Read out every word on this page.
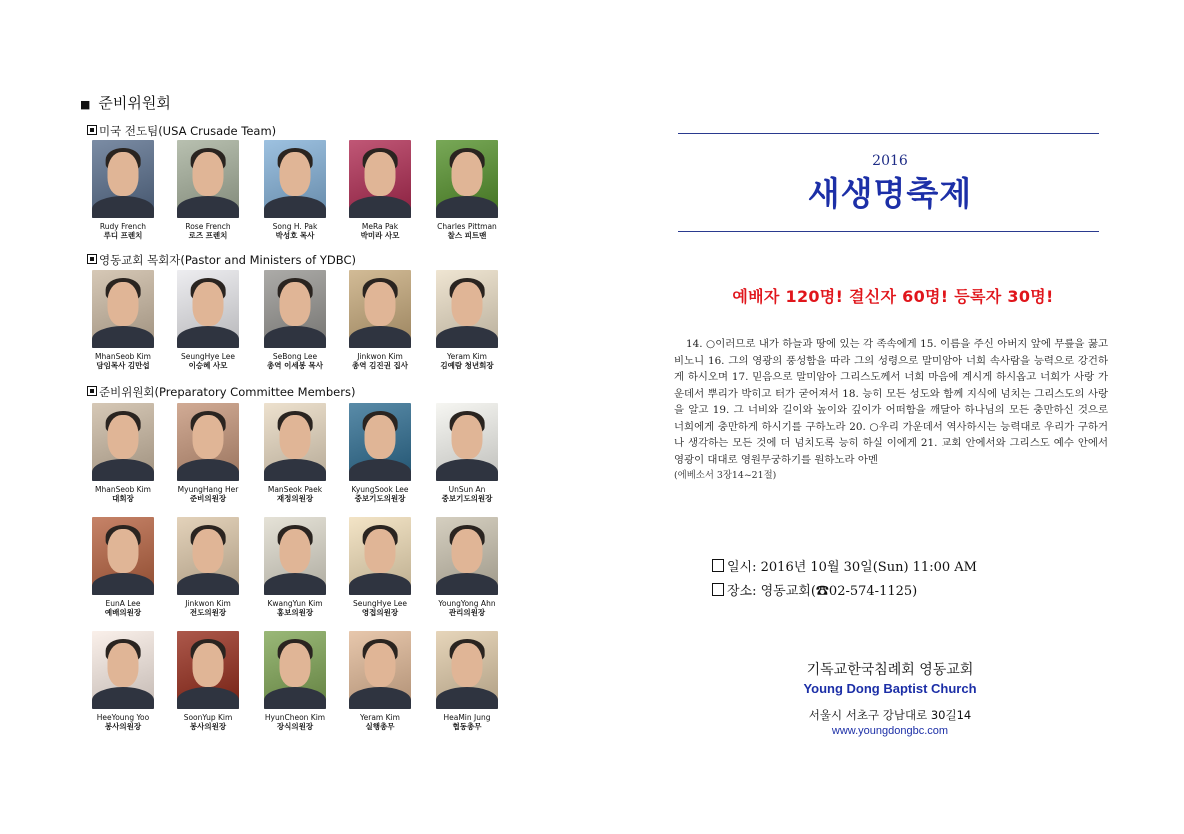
■ 준비위원회
미국 전도팀(USA Crusade Team)
영동교회 목회자(Pastor and Ministers of YDBC)
준비위원회(Preparatory Committee Members)
Rudy French
루디 프렌치
Rose French
로즈 프렌치
Song H. Pak
박성호 목사
MeRa Pak
박미라 사모
Charles Pittman
찰스 피트맨
MhanSeob Kim
담임목사 김만섭
SeungHye Lee
이승혜 사모
SeBong Lee
총역 이세봉 목사
Jinkwon Kim
총역 김진권 집사
Yeram Kim
김예람 청년회장
MhanSeob Kim
대회장
MyungHang Her
준비의원장
ManSeok Paek
재정의원장
KyungSook Lee
중보기도의원장
UnSun An
중보기도의원장
EunA Lee
예배의원장
Jinkwon Kim
전도의원장
KwangYun Kim
홍보의원장
SeungHye Lee
영접의원장
YoungYong Ahn
관리의원장
HeeYoung Yoo
봉사의원장
SoonYup Kim
봉사의원장
HyunCheon Kim
장식의원장
Yeram Kim
실행총무
HeaMin Jung
협동총무
2016
새생명축제
예배자 120명! 결신자 60명! 등록자 30명!
14. ○이러므로 내가 하늘과 땅에 있는 각 족속에게 15. 이름을 주신 아버지 앞에 무릎을 꿇고 비노니 16. 그의 영광의 풍성함을 따라 그의 성령으로 말미암아 너희 속사람을 능력으로 강건하게 하시오며 17. 믿음으로 말미암아 그리스도께서 너희 마음에 계시게 하시옵고 너희가 사랑 가운데서 뿌리가 박히고 터가 굳어져서 18. 능히 모든 성도와 함께 지식에 넘치는 그리스도의 사랑을 알고 19. 그 너비와 길이와 높이와 깊이가 어떠함을 깨달아 하나님의 모든 충만하신 것으로 너희에게 충만하게 하시기를 구하노라 20. ○우리 가운데서 역사하시는 능력대로 우리가 구하거나 생각하는 모든 것에 더 넘치도록 능히 하실 이에게 21. 교회 안에서와 그리스도 예수 안에서 영광이 대대로 영원무궁하기를 원하노라 아멘
(에베소서 3장14~21절)
일시: 2016년 10월 30일(Sun) 11:00 AM
장소: 영동교회(☎02-574-1125)
기독교한국침례회 영동교회
Young Dong Baptist Church
서울시 서초구 강남대로 30길14
www.youngdongbc.com
